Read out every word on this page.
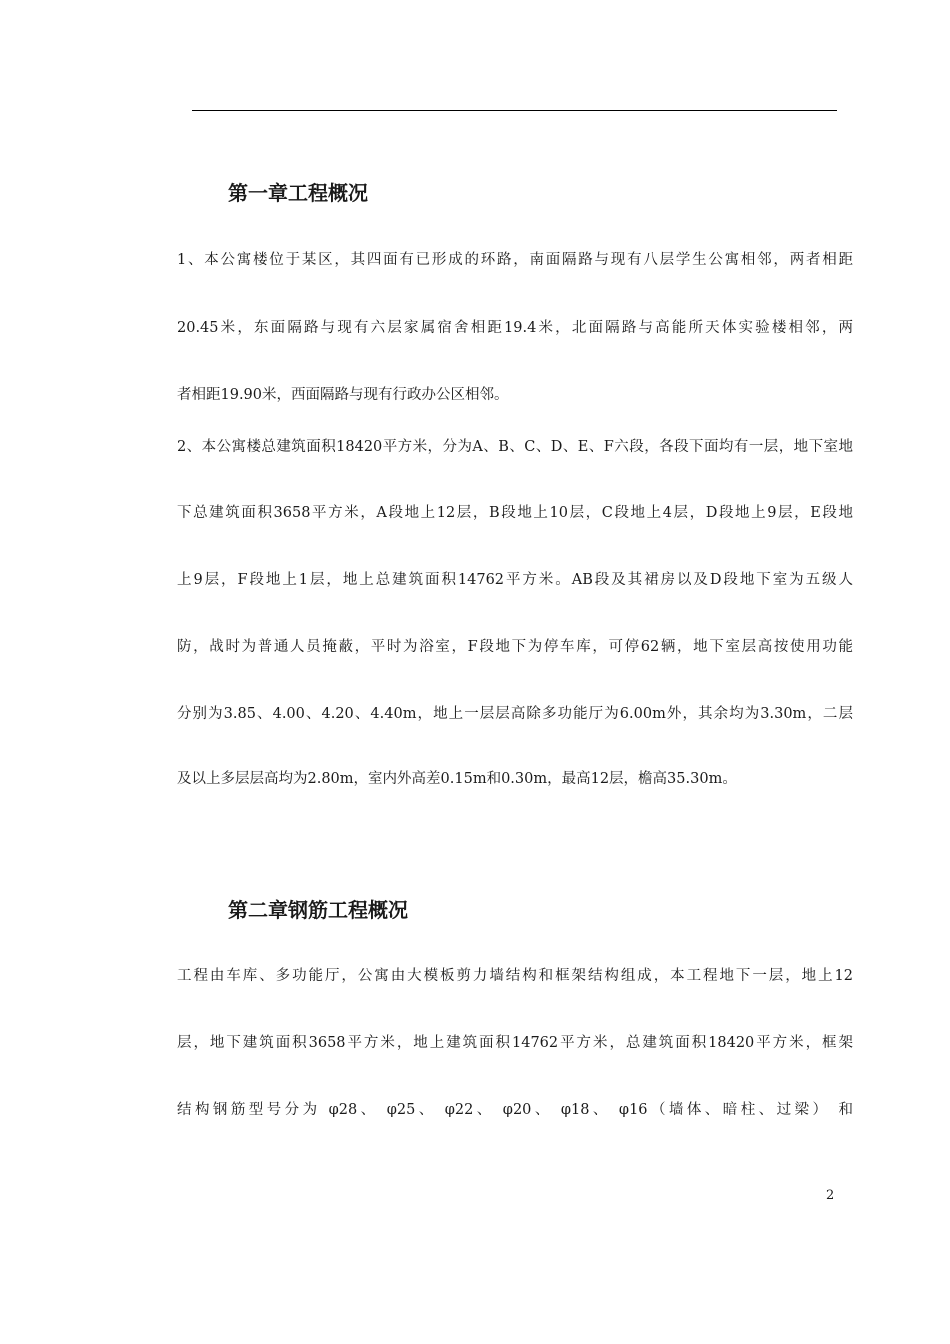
第一章工程概况
1、本公寓楼位于某区，其四面有已形成的环路，南面隔路与现有八层学生公寓相邻，两者相距
20.45米，东面隔路与现有六层家属宿舍相距19.4米，北面隔路与高能所天体实验楼相邻，两
者相距19.90米，西面隔路与现有行政办公区相邻。
2、本公寓楼总建筑面积18420平方米，分为A、B、C、D、E、F六段，各段下面均有一层，地下室地
下总建筑面积3658平方米，A段地上12层，B段地上10层，C段地上4层，D段地上9层，E段地
上9层，F段地上1层，地上总建筑面积14762平方米。AB段及其裙房以及D段地下室为五级人
防，战时为普通人员掩蔽，平时为浴室，F段地下为停车库，可停62辆，地下室层高按使用功能
分别为3.85、4.00、4.20、4.40m，地上一层层高除多功能厅为6.00m外，其余均为3.30m，二层
及以上多层层高均为2.80m，室内外高差0.15m和0.30m，最高12层，檐高35.30m。
第二章钢筋工程概况
工程由车库、多功能厅，公寓由大模板剪力墙结构和框架结构组成，本工程地下一层，地上12
层，地下建筑面积3658平方米，地上建筑面积14762平方米，总建筑面积18420平方米，框架
结构钢筋型号分为 φ28、 φ25、 φ22、 φ20、 φ18、 φ16（墙体、暗柱、过梁） 和
2
